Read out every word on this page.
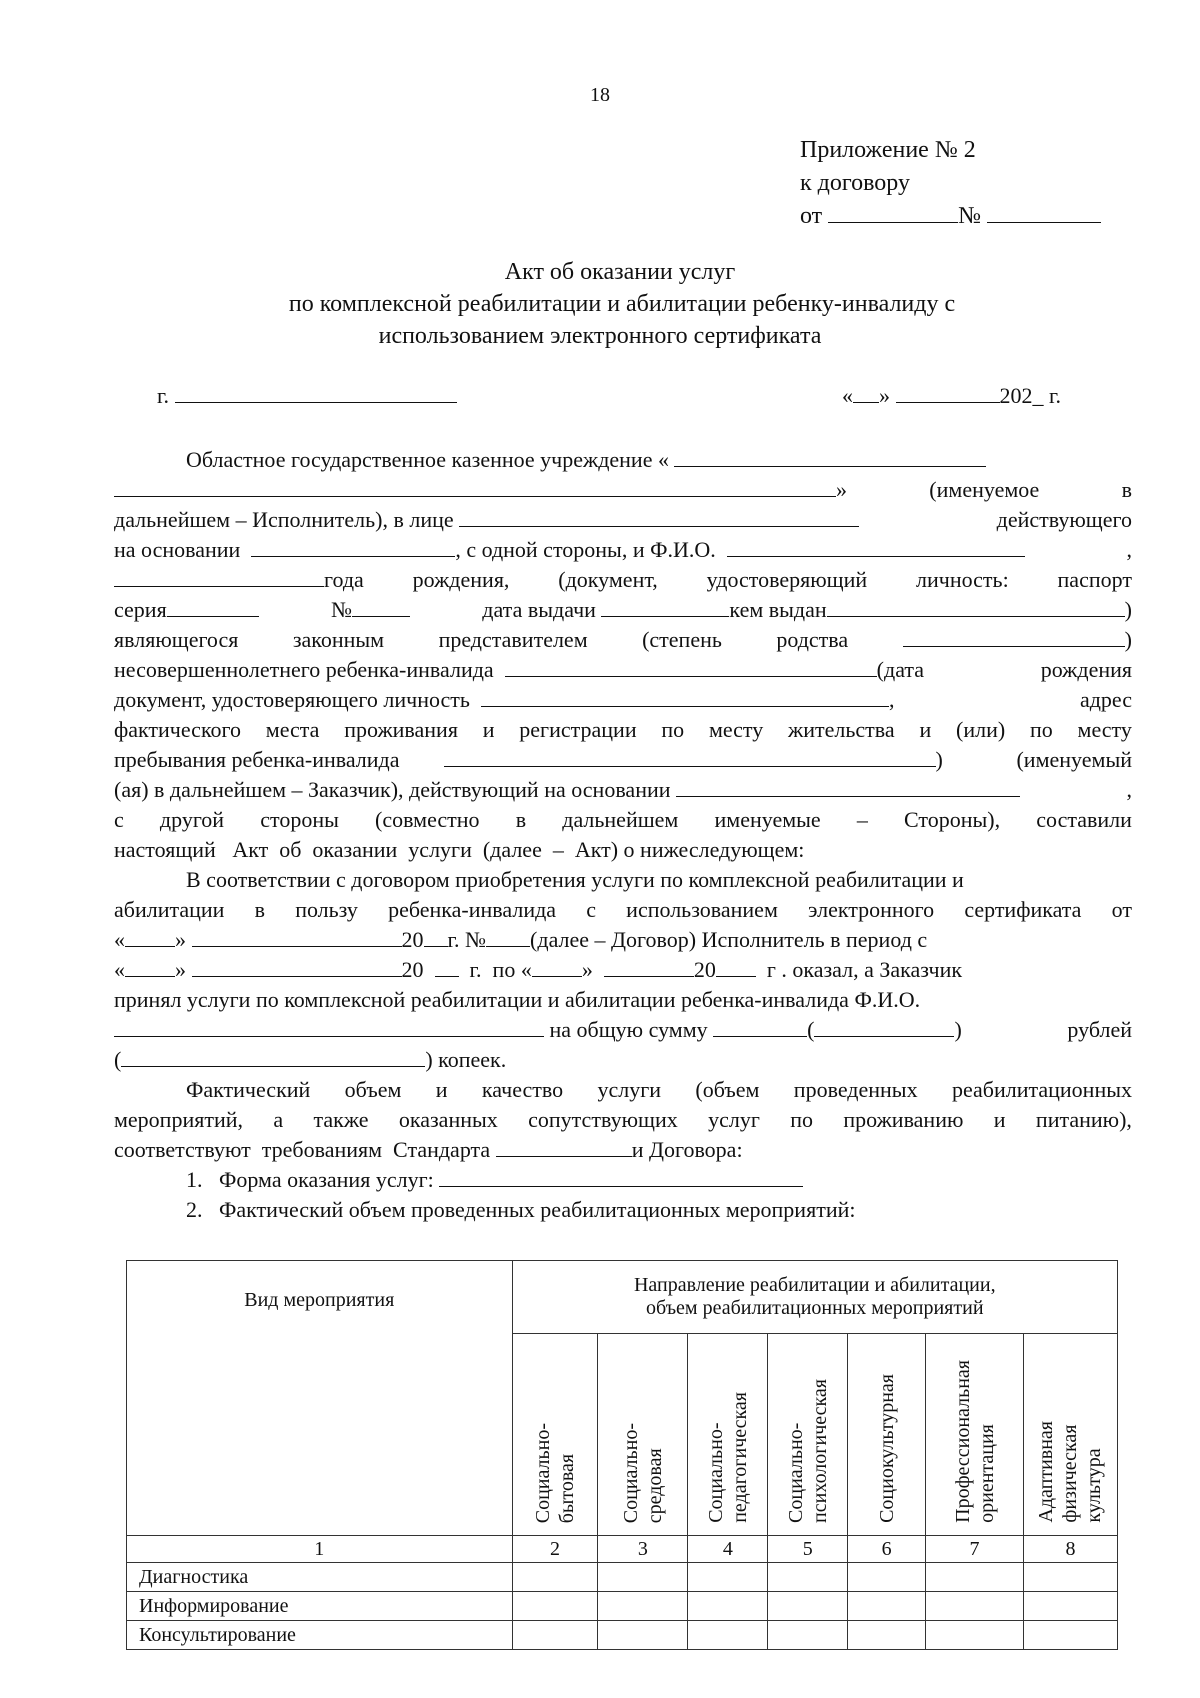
18
Приложение № 2
к договору
от	№
Акт об оказании услуг
по комплексной реабилитации и абилитации ребенку-инвалиду с
использованием электронного сертификата
г.	« »	202_ г.
Областное государственное казенное учреждение «
»	(именуемое	в
дальнейшем – Исполнитель), в лице	действующего
на основании	, с одной стороны, и Ф.И.О.	,
года рождения, (документ, удостоверяющий личность: паспорт
серия	№	дата выдачи	кем выдан	)
являющегося законным представителем (степень родства	)
несовершеннолетнего ребенка-инвалида	(дата	рождения
документ, удостоверяющего личность	,	адрес
фактического места проживания и регистрации по месту жительства и (или) по месту
пребывания ребенка-инвалида	)	(именуемый
(ая) в дальнейшем – Заказчик), действующий на основании	,
с другой стороны (совместно в дальнейшем именуемые – Стороны), составили
настоящий   Акт  об  оказании  услуги  (далее  –  Акт) о нижеследующем:
В соответствии с договором приобретения услуги по комплексной реабилитации и
абилитации в пользу ребенка-инвалида с использованием электронного сертификата от
« »	20 г. № (далее – Договор) Исполнитель в период с
« »	20 г.  по « »	20 г . оказал, а Заказчик
принял услуги по комплексной реабилитации и абилитации ребенка-инвалида Ф.И.О.
на общую сумму	(	)	рублей
(	) копеек.
Фактический объем и качество услуги (объем проведенных реабилитационных
мероприятий, а также оказанных сопутствующих услуг по проживанию и питанию),
соответствуют  требованиям  Стандарта	и Договора:
1.   Форма оказания услуг:
2.   Фактический объем проведенных реабилитационных мероприятий:
Вид мероприятия	Направление реабилитации и абилитации,
объем реабилитационных мероприятий						

	Социально- бытовая	Социально- средовая	Социально- педагогическая	Социально- психологическая	Социокультурная	Профессиональная ориентация	Адаптивная физическая культура
1	2	3	4	5	6	7	8
Диагностика							
Информирование							
Консультирование							
